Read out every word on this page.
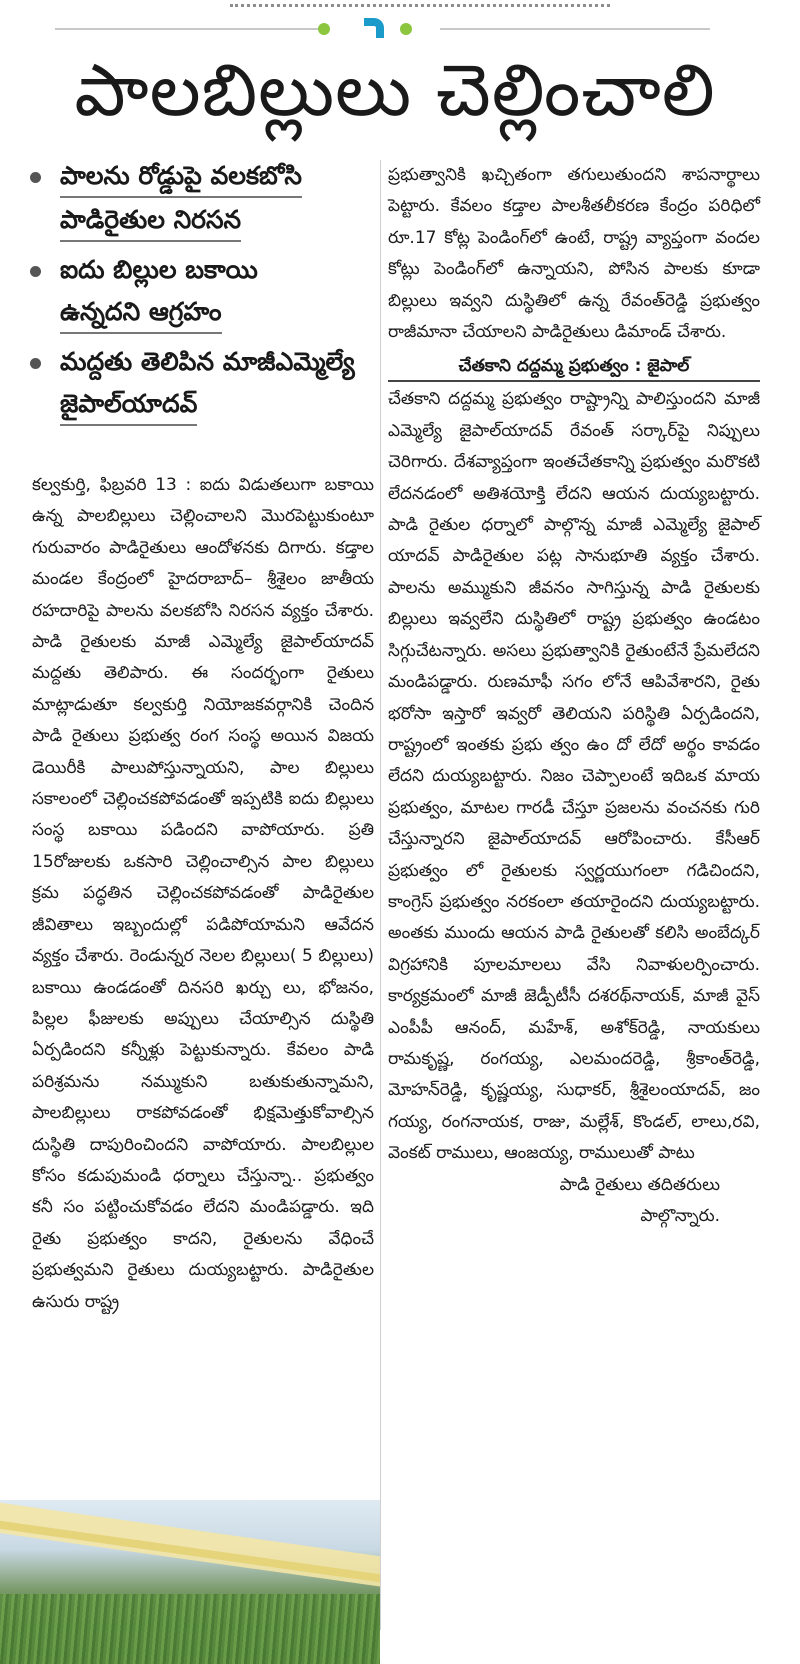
పాలబిల్లులు చెల్లించాలి
పాలను రోడ్డుపై వలకబోసి
పాడిరైతుల నిరసన
ఐదు బిల్లుల బకాయి
ఉన్నదని ఆగ్రహం
మద్దతు తెలిపిన మాజీఎమ్మెల్యే
జైపాల్‌యాదవ్

కల్వకుర్తి, ఫిబ్రవరి 13 : ఐదు విడుతలుగా బకాయి ఉన్న పాలబిల్లులు చెల్లించాలని మొరపెట్టుకుంటూ గురువారం పాడిరైతులు ఆందోళనకు దిగారు. కడ్తాల మండల కేంద్రంలో హైదరాబాద్– శ్రీశైలం జాతీయ రహదారిపై పాలను వలకబోసి నిరసన వ్యక్తం చేశారు. పాడి రైతులకు మాజీ ఎమ్మెల్యే జైపాల్‌యాదవ్ మద్దతు తెలిపారు. ఈ సందర్భంగా రైతులు మాట్లాడుతూ కల్వకుర్తి నియోజకవర్గానికి చెందిన పాడి రైతులు ప్రభుత్వ రంగ సంస్థ అయిన విజయ డెయిరీకి పాలుపోస్తున్నాయని, పాల బిల్లులు సకాలంలో చెల్లించకపోవడంతో ఇప్పటికి ఐదు బిల్లులు సంస్థ బకాయి పడిందని వాపోయారు. ప్రతి 15రోజులకు ఒకసారి చెల్లించాల్సిన పాల బిల్లులు క్రమ పద్ధతిన చెల్లించకపోవడంతో పాడిరైతుల జీవితాలు ఇబ్బందుల్లో పడిపోయామని ఆవేదన వ్యక్తం చేశారు. రెండున్నర నెలల బిల్లులు( 5 బిల్లులు) బకాయి ఉండడంతో దినసరి ఖర్చు లు, భోజనం, పిల్లల ఫీజులకు అప్పులు చేయాల్సిన దుస్థితి ఏర్పడిందని కన్నీళ్లు పెట్టుకున్నారు. కేవలం పాడి పరిశ్రమను నమ్ముకుని బతుకుతున్నామని, పాలబిల్లులు రాకపోవడంతో భిక్షమెత్తుకోవాల్సిన దుస్థితి దాపురించిందని వాపోయారు. పాలబిల్లుల కోసం కడుపుమండి ధర్నాలు చేస్తున్నా.. ప్రభుత్వం కనీ సం పట్టించుకోవడం లేదని మండిపడ్డారు. ఇది రైతు ప్రభుత్వం కాదని, రైతులను వేధించే ప్రభుత్వమని రైతులు దుయ్యబట్టారు. పాడిరైతుల ఉసురు రాష్ట్ర

ప్రభుత్వానికి ఖచ్చితంగా తగులుతుందని శాపనార్థాలు పెట్టారు. కేవలం కడ్తాల పాలశీతలీకరణ కేంద్రం పరిధిలో రూ.17 కోట్ల పెండింగ్‌లో ఉంటే, రాష్ట్ర వ్యాప్తంగా వందల కోట్లు పెండింగ్‌లో ఉన్నాయని, పోసిన పాలకు కూడా బిల్లులు ఇవ్వని దుస్థితిలో ఉన్న రేవంత్‌రెడ్డి ప్రభుత్వం రాజీమానా చేయాలని పాడిరైతులు డిమాండ్ చేశారు.

చేతకాని దద్దమ్మ ప్రభుత్వం : జైపాల్

చేతకాని దద్దమ్మ ప్రభుత్వం రాష్ట్రాన్ని పాలిస్తుందని మాజీ ఎమ్మెల్యే జైపాల్‌యాదవ్ రేవంత్ సర్కార్‌పై నిప్పులు చెరిగారు. దేశవ్యాప్తంగా ఇంతచేతకాన్ని ప్రభుత్వం మరొకటి లేదనడంలో అతిశయోక్తి లేదని ఆయన దుయ్యబట్టారు. పాడి రైతుల ధర్నాలో పాల్గొన్న మాజీ ఎమ్మెల్యే జైపాల్ యాదవ్ పాడిరైతుల పట్ల సానుభూతి వ్యక్తం చేశారు. పాలను అమ్ముకుని జీవనం సాగిస్తున్న పాడి రైతులకు బిల్లులు ఇవ్వలేని దుస్థితిలో రాష్ట్ర ప్రభుత్వం ఉండటం సిగ్గుచేటన్నారు. అసలు ప్రభుత్వానికి రైతుంటేనే ప్రేమలేదని మండిపడ్డారు. రుణమాఫీ సగం లోనే ఆపివేశారని, రైతు భరోసా ఇస్తారో ఇవ్వరో తెలియని పరిస్థితి ఏర్పడిందని, రాష్ట్రంలో ఇంతకు ప్రభు త్వం ఉం దో లేదో అర్థం కావడం లేదని దుయ్యబట్టారు. నిజం చెప్పాలంటే ఇదిఒక మాయ ప్రభుత్వం, మాటల గారడీ చేస్తూ ప్రజలను వంచనకు గురి చేస్తున్నారని జైపాల్‌యాదవ్ ఆరోపించారు. కేసీఆర్ ప్రభుత్వం లో రైతులకు స్వర్ణయుగంలా గడిచిందని, కాంగ్రెస్ ప్రభుత్వం నరకంలా తయారైందని దుయ్యబట్టారు. అంతకు ముందు ఆయన పాడి రైతులతో కలిసి అంబేద్కర్ విగ్రహానికి పూలమాలలు వేసి నివాళులర్పించారు. కార్యక్రమంలో మాజీ జెడ్పీటీసీ దశరథ్‌నాయక్, మాజీ వైస్ ఎంపీపీ ఆనంద్, మహేశ్, అశోక్‌రెడ్డి, నాయకులు రామకృష్ణ, రంగయ్య, ఎలమందరెడ్డి, శ్రీకాంత్‌రెడ్డి, మోహన్‌రెడ్డి, కృష్ణయ్య, సుధాకర్, శ్రీశైలంయాదవ్, జం గయ్య, రంగనాయక, రాజు, మల్లేశ్, కొండల్, లాలు,రవి, వెంకట్ రాములు, ఆంజయ్య, రాములుతో పాటు

పాడి రైతులు తదితరులు

పాల్గొన్నారు.
